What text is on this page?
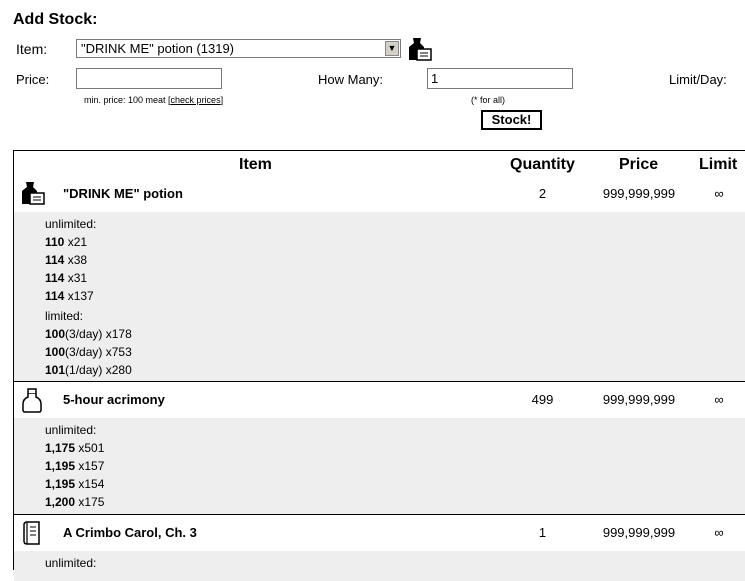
Add Stock:
Item:	"DRINK ME" potion (1319)	▼
Price:
min. price: 100 meat [check prices]
How Many:	1
(* for all)
Limit/Day:
Stock!
Item	Quantity	Price	Limit
"DRINK ME" potion	2	999,999,999	∞
unlimited:
110 x21
114 x38
114 x31
114 x137
limited:
100(3/day) x178
100(3/day) x753
101(1/day) x280
5-hour acrimony	499	999,999,999	∞
unlimited:
1,175 x501
1,195 x157
1,195 x154
1,200 x175
A Crimbo Carol, Ch. 3	1	999,999,999	∞
unlimited:
